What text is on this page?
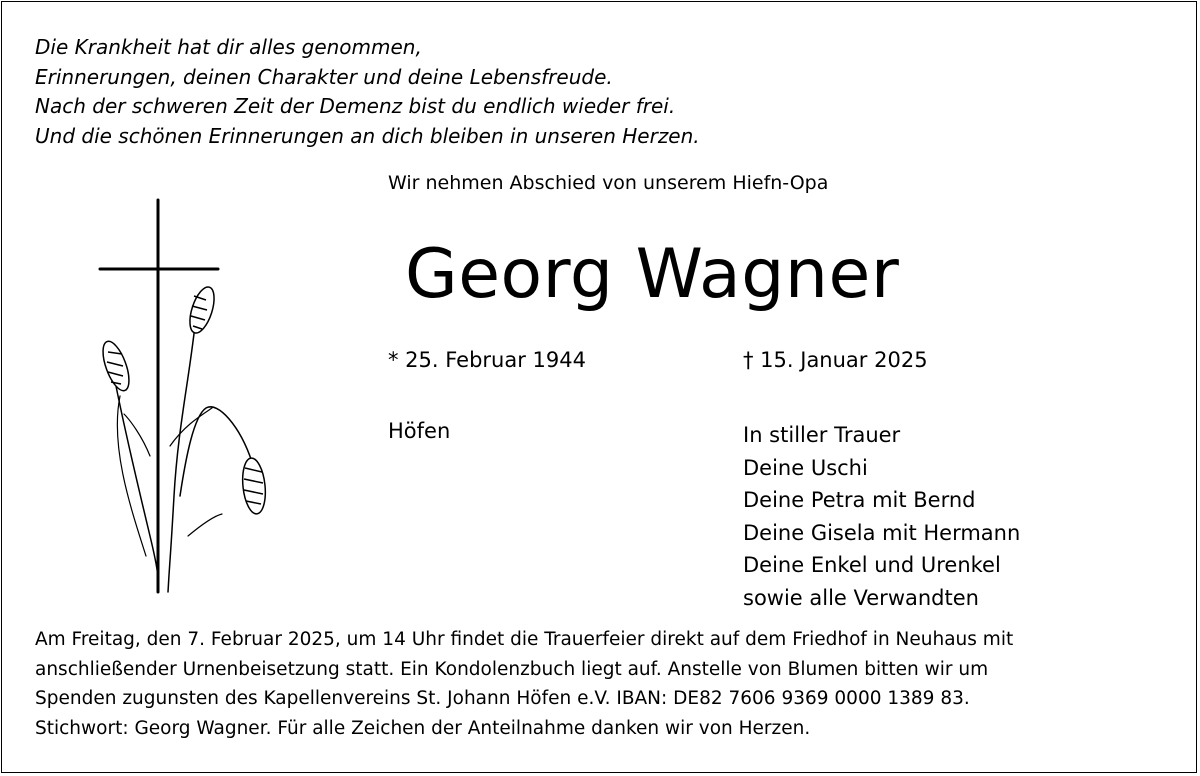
Die Krankheit hat dir alles genommen,
Erinnerungen, deinen Charakter und deine Lebensfreude.
Nach der schweren Zeit der Demenz bist du endlich wieder frei.
Und die schönen Erinnerungen an dich bleiben in unseren Herzen.
Wir nehmen Abschied von unserem Hiefn-Opa
Georg Wagner
* 25. Februar 1944	† 15. Januar 2025
Höfen	In stiller Trauer
Deine Uschi
Deine Petra mit Bernd
Deine Gisela mit Hermann
Deine Enkel und Urenkel
sowie alle Verwandten
Am Freitag, den 7. Februar 2025, um 14 Uhr findet die Trauerfeier direkt auf dem Friedhof in Neuhaus mit
anschließender Urnenbeisetzung statt. Ein Kondolenzbuch liegt auf. Anstelle von Blumen bitten wir um
Spenden zugunsten des Kapellenvereins St. Johann Höfen e.V. IBAN: DE82 7606 9369 0000 1389 83.
Stichwort: Georg Wagner. Für alle Zeichen der Anteilnahme danken wir von Herzen.
